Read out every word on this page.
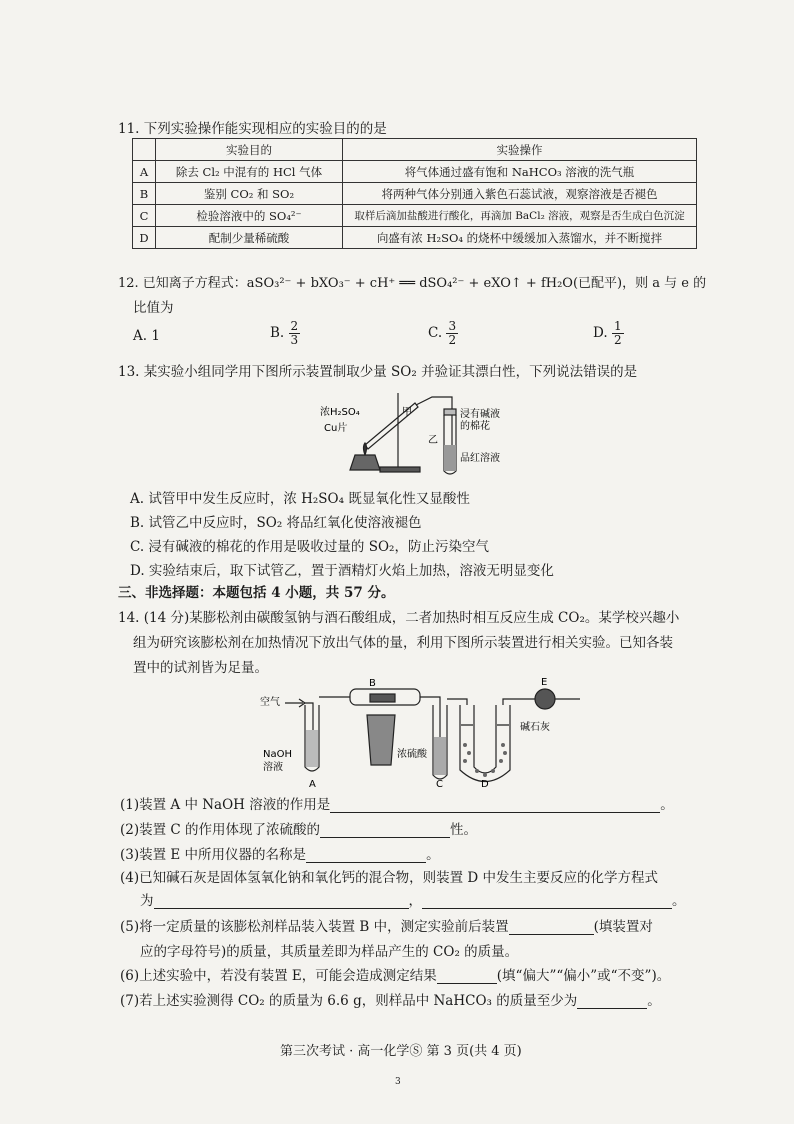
11. 下列实验操作能实现相应的实验目的的是
	实验目的	实验操作
A	除去 Cl₂ 中混有的 HCl 气体	将气体通过盛有饱和 NaHCO₃ 溶液的洗气瓶
B	鉴别 CO₂ 和 SO₂	将两种气体分别通入紫色石蕊试液，观察溶液是否褪色
C	检验溶液中的 SO₄²⁻	取样后滴加盐酸进行酸化，再滴加 BaCl₂ 溶液，观察是否生成白色沉淀
D	配制少量稀硫酸	向盛有浓 H₂SO₄ 的烧杯中缓缓加入蒸馏水，并不断搅拌
12. 已知离子方程式：aSO₃²⁻ + bXO₃⁻ + cH⁺ ══ dSO₄²⁻ + eXO↑ + fH₂O(已配平)，则 a 与 e 的
比值为
A. 1	B. $\frac{2}{3}$	C. $\frac{3}{2}$	D. $\frac{1}{2}$
13. 某实验小组同学用下图所示装置制取少量 SO₂ 并验证其漂白性，下列说法错误的是
浓H₂SO₄
Cu片
甲
乙
浸有碱液
的棉花
品红溶液
A. 试管甲中发生反应时，浓 H₂SO₄ 既显氧化性又显酸性
B. 试管乙中反应时，SO₂ 将品红氧化使溶液褪色
C. 浸有碱液的棉花的作用是吸收过量的 SO₂，防止污染空气
D. 实验结束后，取下试管乙，置于酒精灯火焰上加热，溶液无明显变化
三、非选择题：本题包括 4 小题，共 57 分。
14. (14 分)某膨松剂由碳酸氢钠与酒石酸组成，二者加热时相互反应生成 CO₂。某学校兴趣小
组为研究该膨松剂在加热情况下放出气体的量，利用下图所示装置进行相关实验。已知各装
置中的试剂皆为足量。
空气
NaOH
溶液
A
B
浓硫酸
C	D
E
碱石灰
(1)装置 A 中 NaOH 溶液的作用是	。
(2)装置 C 的作用体现了浓硫酸的	性。
(3)装置 E 中所用仪器的名称是	。
(4)已知碱石灰是固体氢氧化钠和氧化钙的混合物，则装置 D 中发生主要反应的化学方程式
为	，	。
(5)将一定质量的该膨松剂样品装入装置 B 中，测定实验前后装置	(填装置对
应的字母符号)的质量，其质量差即为样品产生的 CO₂ 的质量。
(6)上述实验中，若没有装置 E，可能会造成测定结果	(填“偏大”“偏小”或“不变”)。
(7)若上述实验测得 CO₂ 的质量为 6.6 g，则样品中 NaHCO₃ 的质量至少为	。
第三次考试 · 高一化学Ⓢ 第 3 页(共 4 页)
3
